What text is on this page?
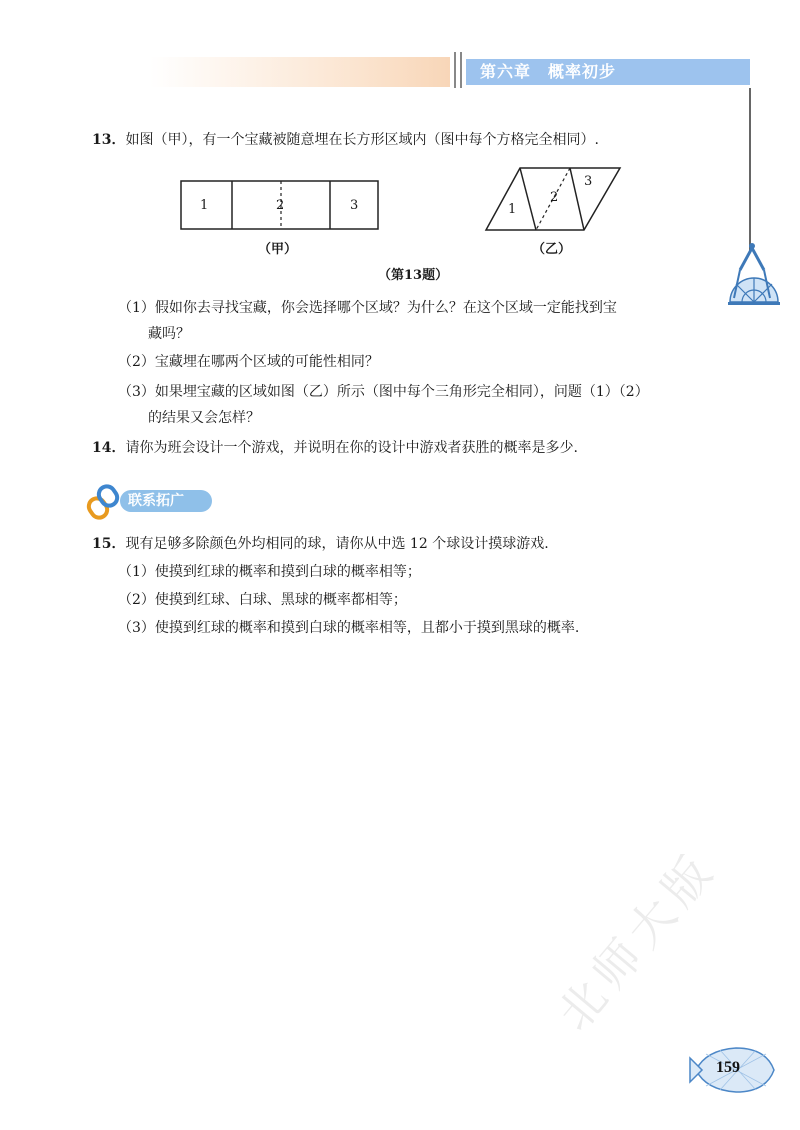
第六章　概率初步
13．如图（甲），有一个宝藏被随意埋在长方形区域内（图中每个方格完全相同）.
1	2	3
（甲）
1
2
3
（乙）
（第13题）
（1）假如你去寻找宝藏，你会选择哪个区域？为什么？在这个区域一定能找到宝
藏吗？
（2）宝藏埋在哪两个区域的可能性相同？
（3）如果埋宝藏的区域如图（乙）所示（图中每个三角形完全相同），问题（1）（2）
的结果又会怎样？
14．请你为班会设计一个游戏，并说明在你的设计中游戏者获胜的概率是多少.
联系拓广
15．现有足够多除颜色外均相同的球，请你从中选 12 个球设计摸球游戏.
（1）使摸到红球的概率和摸到白球的概率相等；
（2）使摸到红球、白球、黑球的概率都相等；
（3）使摸到红球的概率和摸到白球的概率相等，且都小于摸到黑球的概率.
北师大版
159
